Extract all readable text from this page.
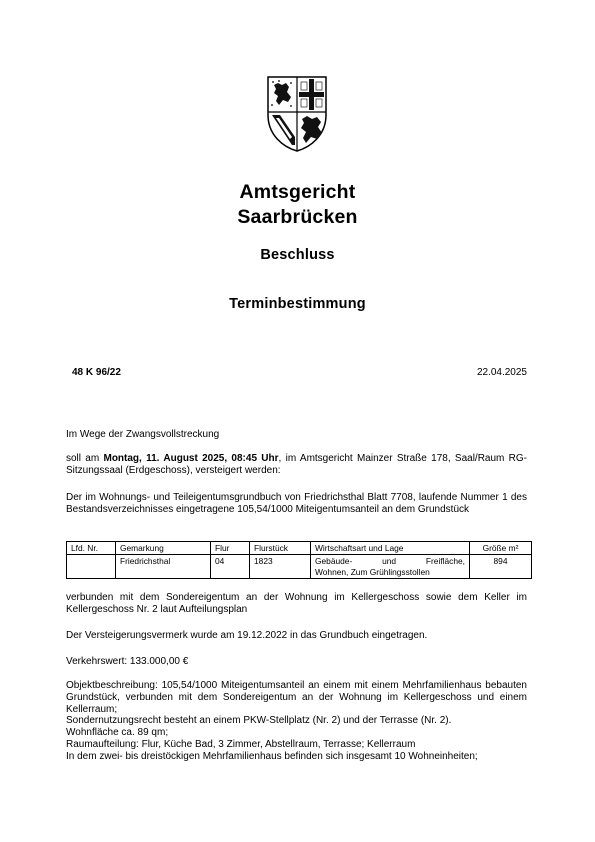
Amtsgericht
Saarbrücken
Beschluss
Terminbestimmung
48 K 96/22	22.04.2025

Im Wege der Zwangsvollstreckung

soll am Montag, 11. August 2025, 08:45 Uhr, im Amtsgericht Mainzer Straße 178, Saal/Raum RG-Sitzungssaal (Erdgeschoss), versteigert werden:

Der im Wohnungs- und Teileigentumsgrundbuch von Friedrichsthal Blatt 7708, laufende Nummer 1 des Bestandsverzeichnisses eingetragene 105,54/1000 Miteigentumsanteil an dem Grundstück

Lfd. Nr.	Gemarkung	Flur	Flurstück	Wirtschaftsart und Lage	Größe m²
	Friedrichsthal	04	1823	Gebäude- und Freifläche,
Wohnen, Zum Grühlingsstollen	894

verbunden mit dem Sondereigentum an der Wohnung im Kellergeschoss sowie dem Keller im Kellergeschoss Nr. 2 laut Aufteilungsplan

Der Versteigerungsvermerk wurde am 19.12.2022 in das Grundbuch eingetragen.

Verkehrswert: 133.000,00 €

Objektbeschreibung: 105,54/1000 Miteigentumsanteil an einem mit einem Mehrfamilienhaus bebauten Grundstück, verbunden mit dem Sondereigentum an der Wohnung im Kellergeschoss und einem Kellerraum;

Sondernutzungsrecht besteht an einem PKW-Stellplatz (Nr. 2) und der Terrasse (Nr. 2).

Wohnfläche ca. 89 qm;

Raumaufteilung: Flur, Küche Bad, 3 Zimmer, Abstellraum, Terrasse; Kellerraum

In dem zwei- bis dreistöckigen Mehrfamilienhaus befinden sich insgesamt 10 Wohneinheiten;
